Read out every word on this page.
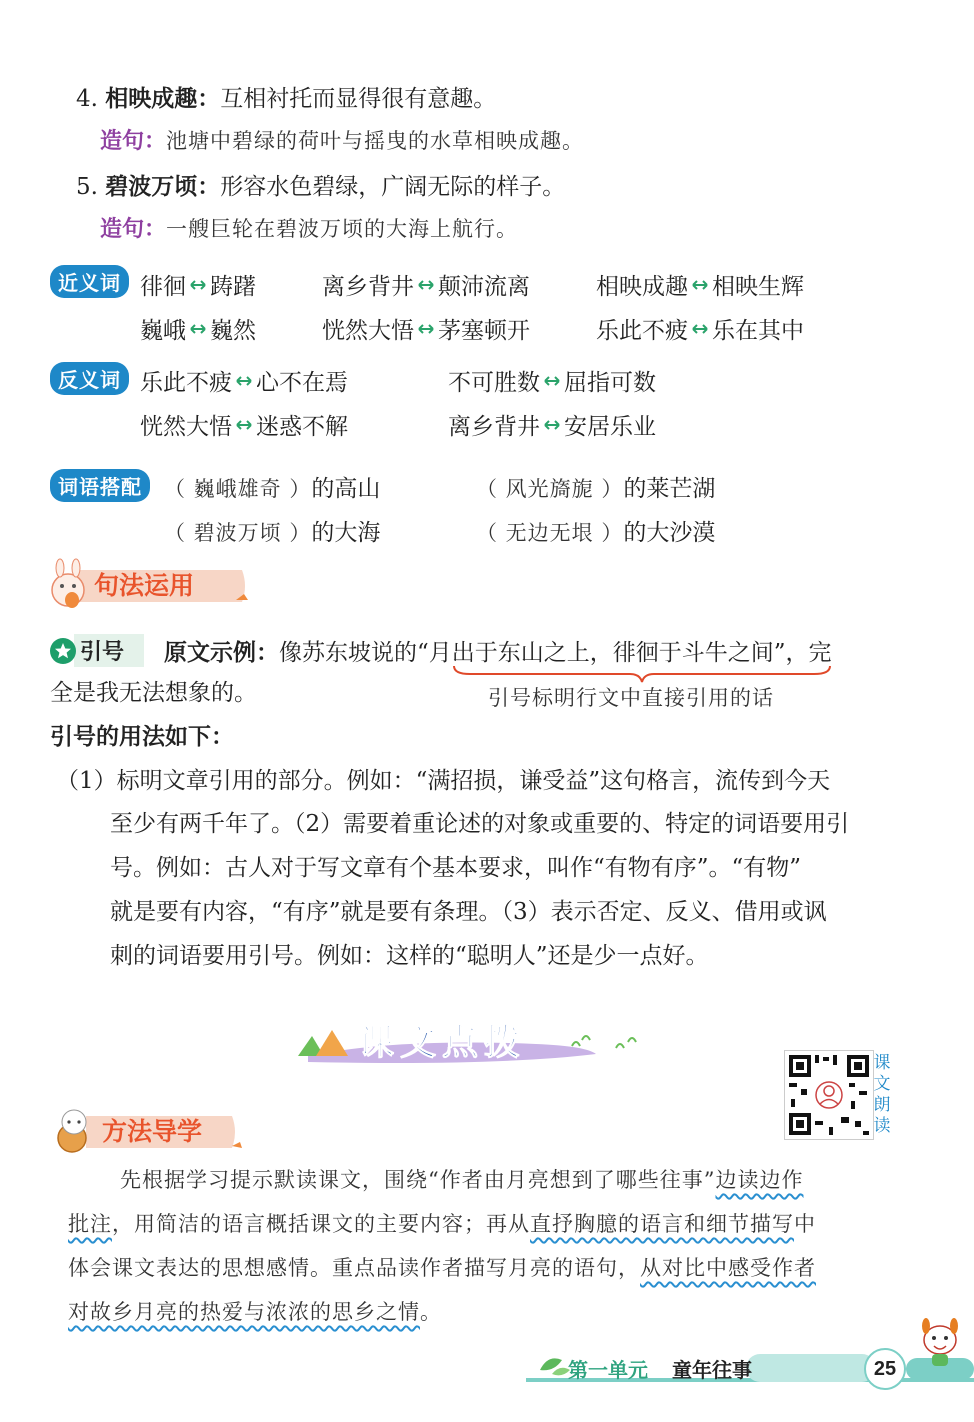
4. 相映成趣：互相衬托而显得很有意趣。
造句：池塘中碧绿的荷叶与摇曳的水草相映成趣。
5. 碧波万顷：形容水色碧绿，广阔无际的样子。
造句：一艘巨轮在碧波万顷的大海上航行。
近义词 徘徊 踌躇	离乡背井 颠沛流离	相映成趣 相映生辉
巍峨 巍然	恍然大悟 茅塞顿开	乐此不疲 乐在其中
反义词 乐此不疲 心不在焉	不可胜数 屈指可数
恍然大悟 迷惑不解	离乡背井 安居乐业
词语搭配	（ 巍峨雄奇 ）的高山	（ 风光旖旎 ）的莱芒湖
（ 碧波万顷 ）的大海	（ 无边无垠 ）的大沙漠
句法运用
引号	原文示例：像苏东坡说的“月出于东山之上，徘徊于斗牛之间”，完
全是我无法想象的。	引号标明行文中直接引用的话
引号的用法如下：
（1）标明文章引用的部分。例如：“满招损，谦受益”这句格言，流传到今天
至少有两千年了。（2）需要着重论述的对象或重要的、特定的词语要用引
号。例如：古人对于写文章有个基本要求，叫作“有物有序”。“有物”
就是要有内容，“有序”就是要有条理。（3）表示否定、反义、借用或讽
刺的词语要用引号。例如：这样的“聪明人”还是少一点好。
课文点拨
课
文
朗
读
方法导学
先根据学习提示默读课文，围绕“作者由月亮想到了哪些往事”边读边作
批注，用简洁的语言概括课文的主要内容；再从直抒胸臆的语言和细节描写中
体会课文表达的思想感情。重点品读作者描写月亮的语句，从对比中感受作者
对故乡月亮的热爱与浓浓的思乡之情。
第一单元 童年往事	25
